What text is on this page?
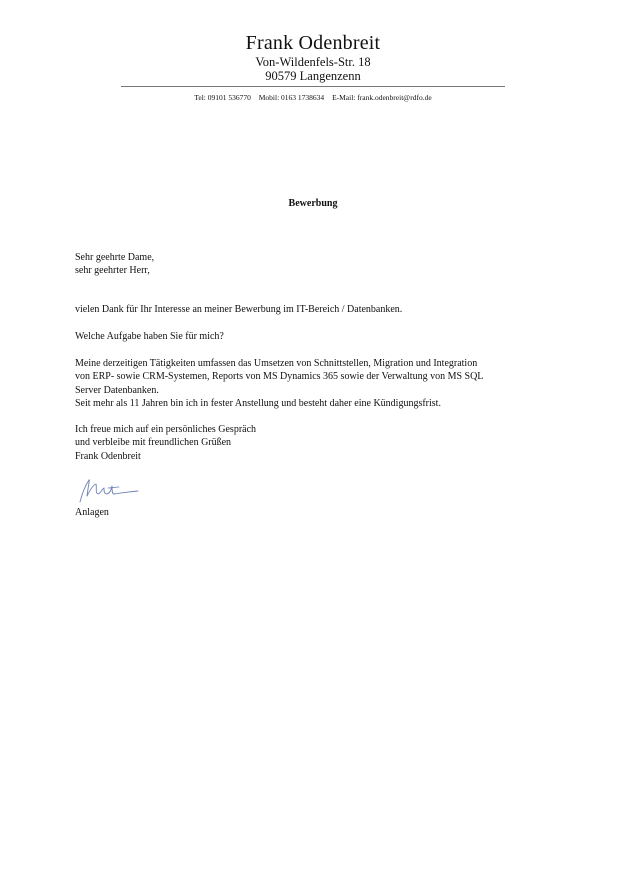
Frank Odenbreit
Von-Wildenfels-Str. 18
90579 Langenzenn
Tel: 09101 536770 Mobil: 0163 1738634 E-Mail: frank.odenbreit@rdfo.de
Bewerbung
Sehr geehrte Dame,
sehr geehrter Herr,
vielen Dank für Ihr Interesse an meiner Bewerbung im IT-Bereich / Datenbanken.
Welche Aufgabe haben Sie für mich?
Meine derzeitigen Tätigkeiten umfassen das Umsetzen von Schnittstellen, Migration und Integration
von ERP- sowie CRM-Systemen, Reports von MS Dynamics 365 sowie der Verwaltung von MS SQL
Server Datenbanken.
Seit mehr als 11 Jahren bin ich in fester Anstellung und besteht daher eine Kündigungsfrist.
Ich freue mich auf ein persönliches Gespräch
und verbleibe mit freundlichen Grüßen
Frank Odenbreit
Anlagen
